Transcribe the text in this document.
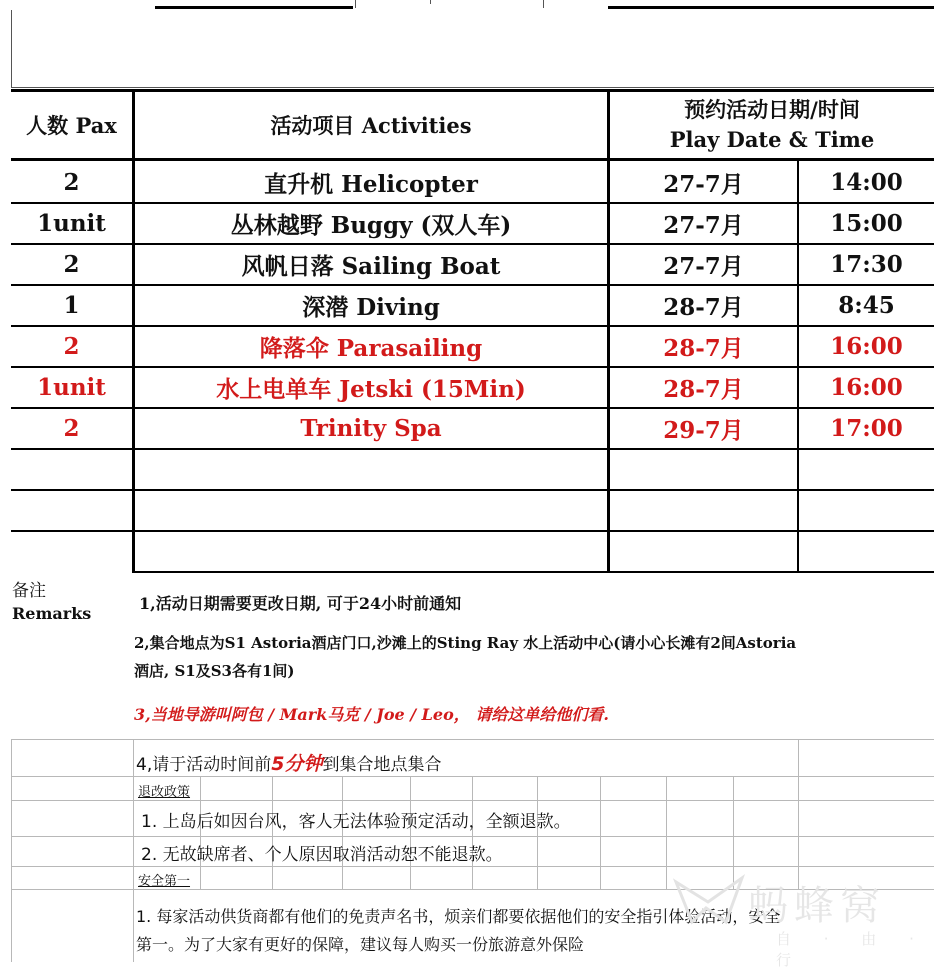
人数 Pax	活动项目 Activities
预约活动日期/时间
Play Date & Time
2	直升机 Helicopter	27-7月	14:00
1unit	丛林越野 Buggy (双人车)	27-7月	15:00
2	风帆日落 Sailing Boat	27-7月	17:30
1	深潜 Diving	28-7月	8:45
2	降落伞 Parasailing	28-7月	16:00
1unit	水上电单车 Jetski (15Min)	28-7月	16:00
2	Trinity Spa	29-7月	17:00
备注
Remarks
1,活动日期需要更改日期, 可于24小时前通知
2,集合地点为S1 Astoria酒店门口,沙滩上的Sting Ray 水上活动中心(请小心长滩有2间Astoria
酒店, S1及S3各有1间)
3,当地导游叫阿包 / Mark马克 / Joe / Leo， 请给这单给他们看.
4,请于活动时间前5分钟到集合地点集合
退改政策
1. 上岛后如因台风，客人无法体验预定活动，全额退款。
2. 无故缺席者、个人原因取消活动恕不能退款。
安全第一
1. 每家活动供货商都有他们的免责声名书，烦亲们都要依据他们的安全指引体验活动，安全
第一。为了大家有更好的保障，建议每人购买一份旅游意外保险
蚂蜂窝
自 · 由 · 行
